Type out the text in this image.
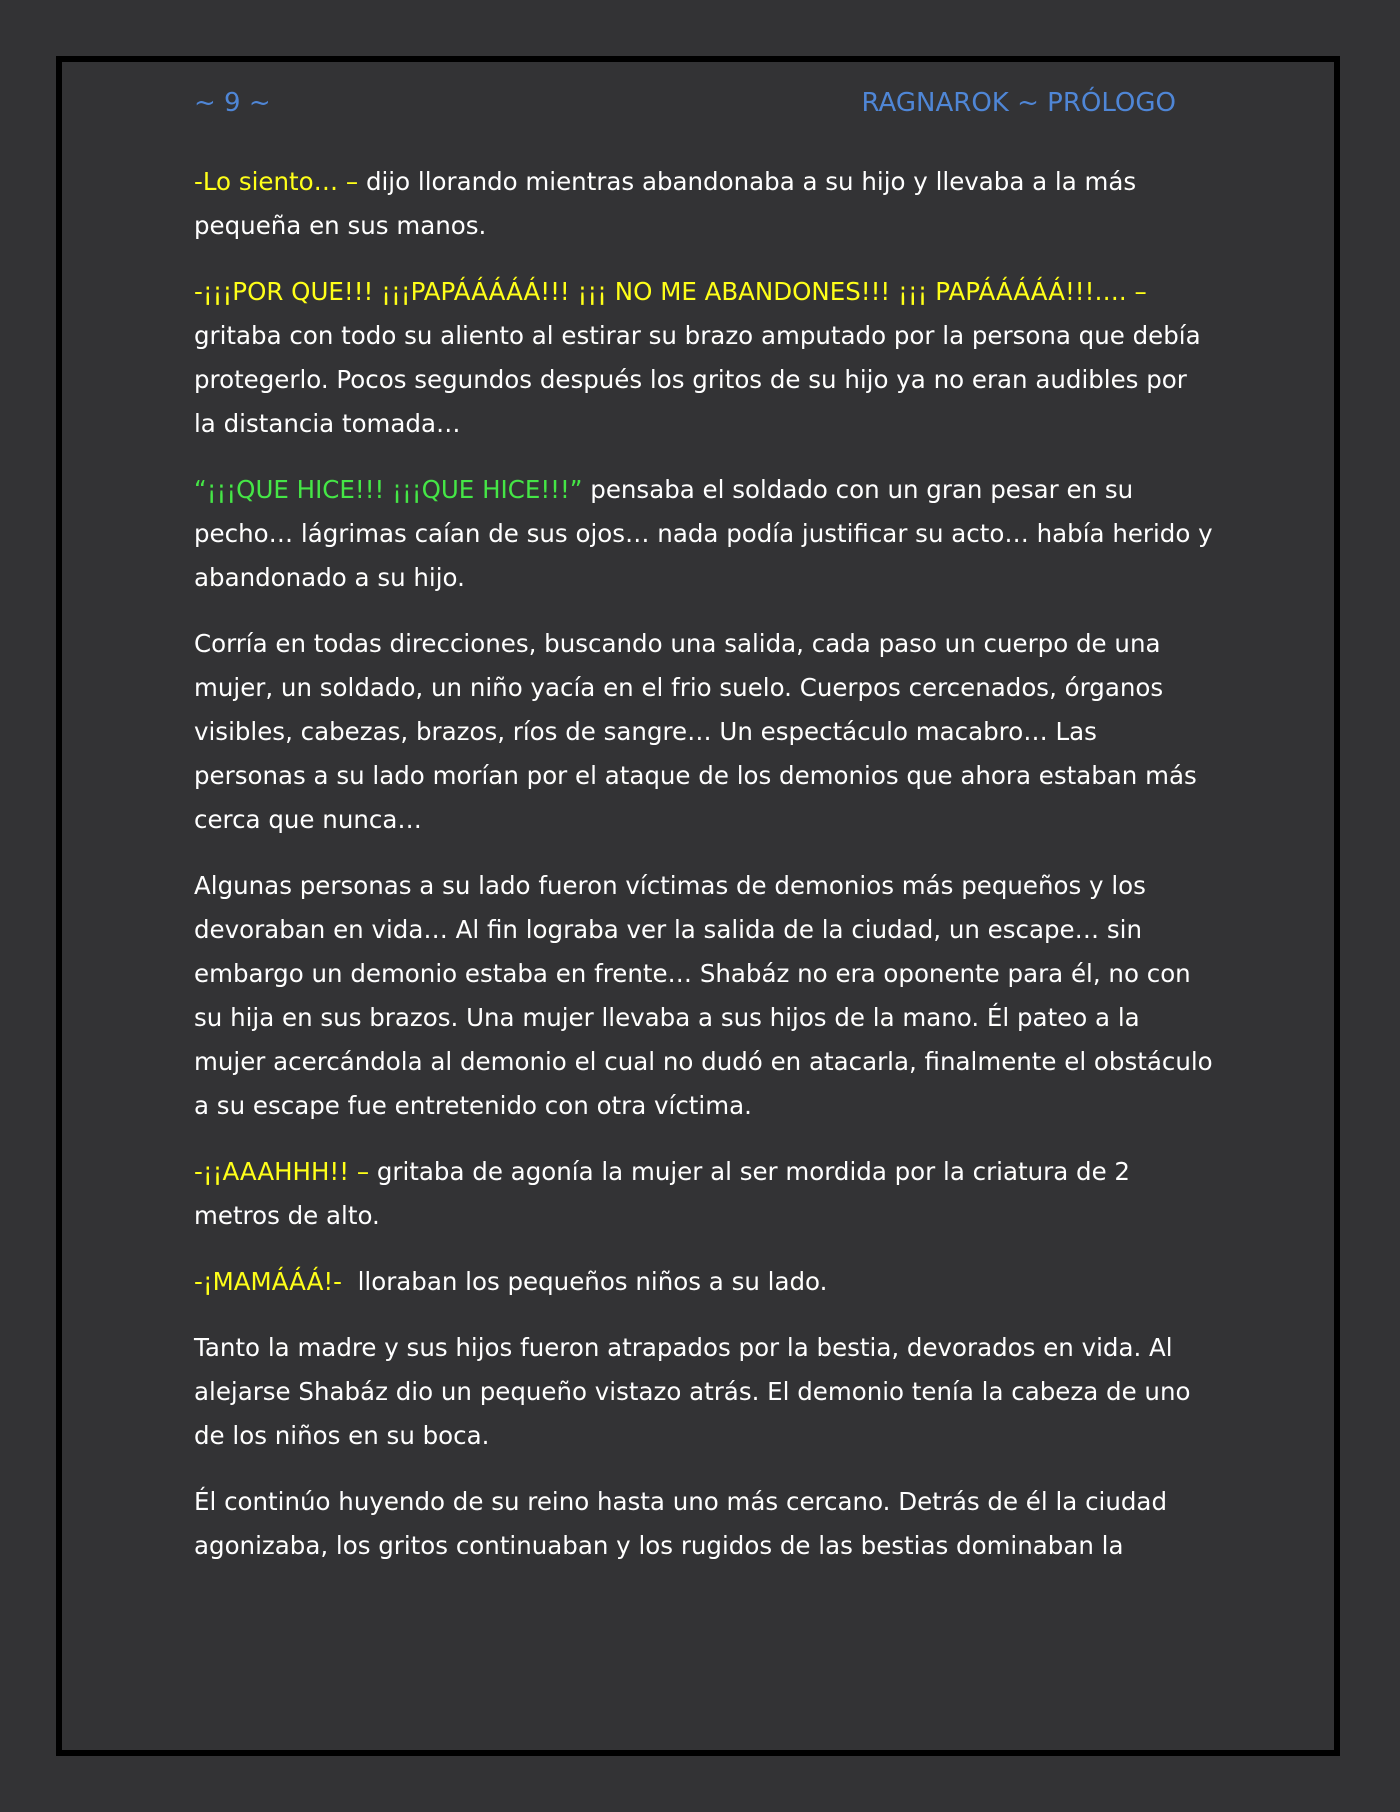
~ 9 ~	RAGNAROK ~ PRÓLOGO

-Lo siento… – dijo llorando mientras abandonaba a su hijo y llevaba a la más pequeña en sus manos.

-¡¡¡POR QUE!!! ¡¡¡PAPÁÁÁÁÁ!!! ¡¡¡ NO ME ABANDONES!!! ¡¡¡ PAPÁÁÁÁÁ!!!…. – gritaba con todo su aliento al estirar su brazo amputado por la persona que debía protegerlo. Pocos segundos después los gritos de su hijo ya no eran audibles por la distancia tomada…

“¡¡¡QUE HICE!!! ¡¡¡QUE HICE!!!” pensaba el soldado con un gran pesar en su pecho… lágrimas caían de sus ojos… nada podía justificar su acto… había herido y abandonado a su hijo.

Corría en todas direcciones, buscando una salida, cada paso un cuerpo de una mujer, un soldado, un niño yacía en el frio suelo. Cuerpos cercenados, órganos visibles, cabezas, brazos, ríos de sangre… Un espectáculo macabro… Las personas a su lado morían por el ataque de los demonios que ahora estaban más cerca que nunca…

Algunas personas a su lado fueron víctimas de demonios más pequeños y los devoraban en vida… Al fin lograba ver la salida de la ciudad, un escape… sin embargo un demonio estaba en frente… Shabáz no era oponente para él, no con su hija en sus brazos. Una mujer llevaba a sus hijos de la mano. Él pateo a la mujer acercándola al demonio el cual no dudó en atacarla, finalmente el obstáculo a su escape fue entretenido con otra víctima.

-¡¡AAAHHH!! – gritaba de agonía la mujer al ser mordida por la criatura de 2 metros de alto.

-¡MAMÁÁÁ!-  lloraban los pequeños niños a su lado.

Tanto la madre y sus hijos fueron atrapados por la bestia, devorados en vida. Al alejarse Shabáz dio un pequeño vistazo atrás. El demonio tenía la cabeza de uno de los niños en su boca.

Él continúo huyendo de su reino hasta uno más cercano. Detrás de él la ciudad agonizaba, los gritos continuaban y los rugidos de las bestias dominaban la
